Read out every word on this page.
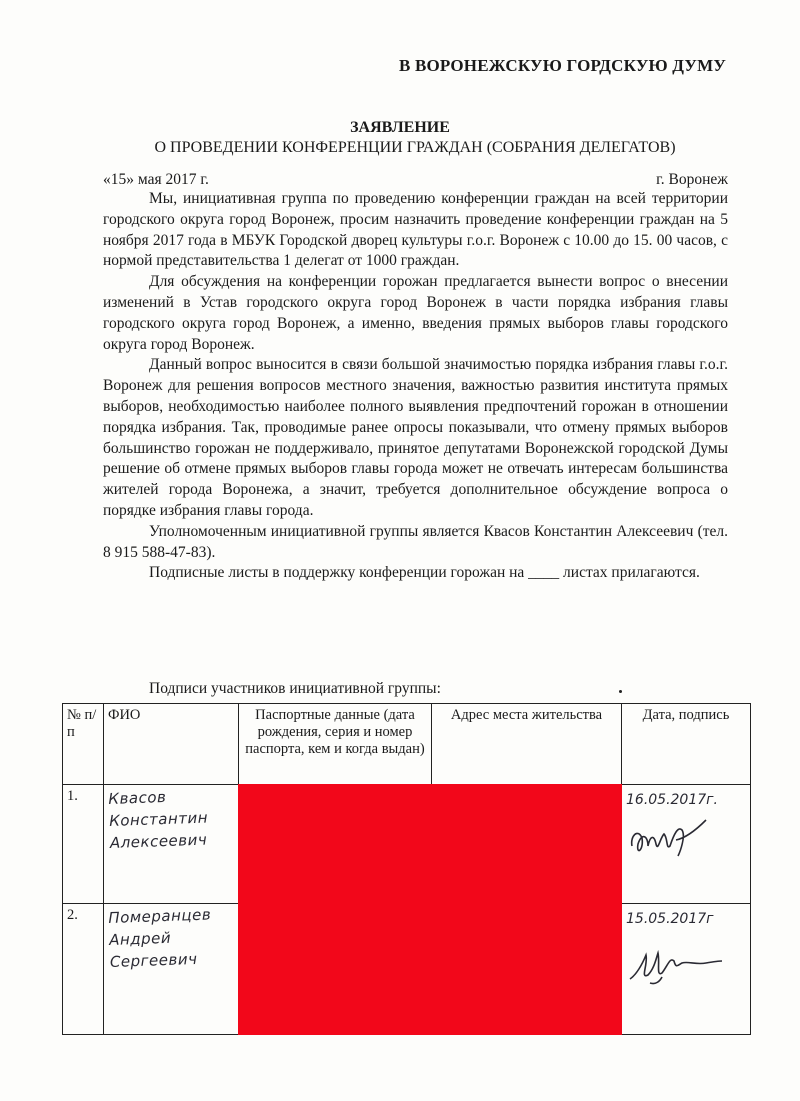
В ВОРОНЕЖСКУЮ ГОРДСКУЮ ДУМУ
ЗАЯВЛЕНИЕ
О ПРОВЕДЕНИИ КОНФЕРЕНЦИИ ГРАЖДАН (СОБРАНИЯ ДЕЛЕГАТОВ)
«15» мая 2017 г.	г. Воронеж

Мы, инициативная группа по проведению конференции граждан на всей территории городского округа город Воронеж, просим назначить проведение конференции граждан на 5 ноября 2017 года в МБУК Городской дворец культуры г.о.г. Воронеж с 10.00 до 15. 00 часов, с нормой представительства 1 делегат от 1000 граждан.

Для обсуждения на конференции горожан предлагается вынести вопрос о внесении изменений в Устав городского округа город Воронеж в части порядка избрания главы городского округа город Воронеж, а именно, введения прямых выборов главы городского округа город Воронеж.

Данный вопрос выносится в связи большой значимостью порядка избрания главы г.о.г. Воронеж для решения вопросов местного значения, важностью развития института прямых выборов, необходимостью наиболее полного выявления предпочтений горожан в отношении порядка избрания. Так, проводимые ранее опросы показывали, что отмену прямых выборов большинство горожан не поддерживало, принятое депутатами Воронежской городской Думы решение об отмене прямых выборов главы города может не отвечать интересам большинства жителей города Воронежа, а значит, требуется дополнительное обсуждение вопроса о порядке избрания главы города.

Уполномоченным инициативной группы является Квасов Константин Алексеевич (тел. 8 915 588-47-83).

Подписные листы в поддержку конференции горожан на ____ листах прилагаются.

Подписи участников инициативной группы:
№ п/п	ФИО	Паспортные данные (дата рождения, серия и номер паспорта, кем и когда выдан)	Адрес места жительства	Дата, подпись
1.	Квасов
Константин
Алексеевич			16.05.2017г.

2.	Померанцев
Андрей
Сергеевич			15.05.2017г
